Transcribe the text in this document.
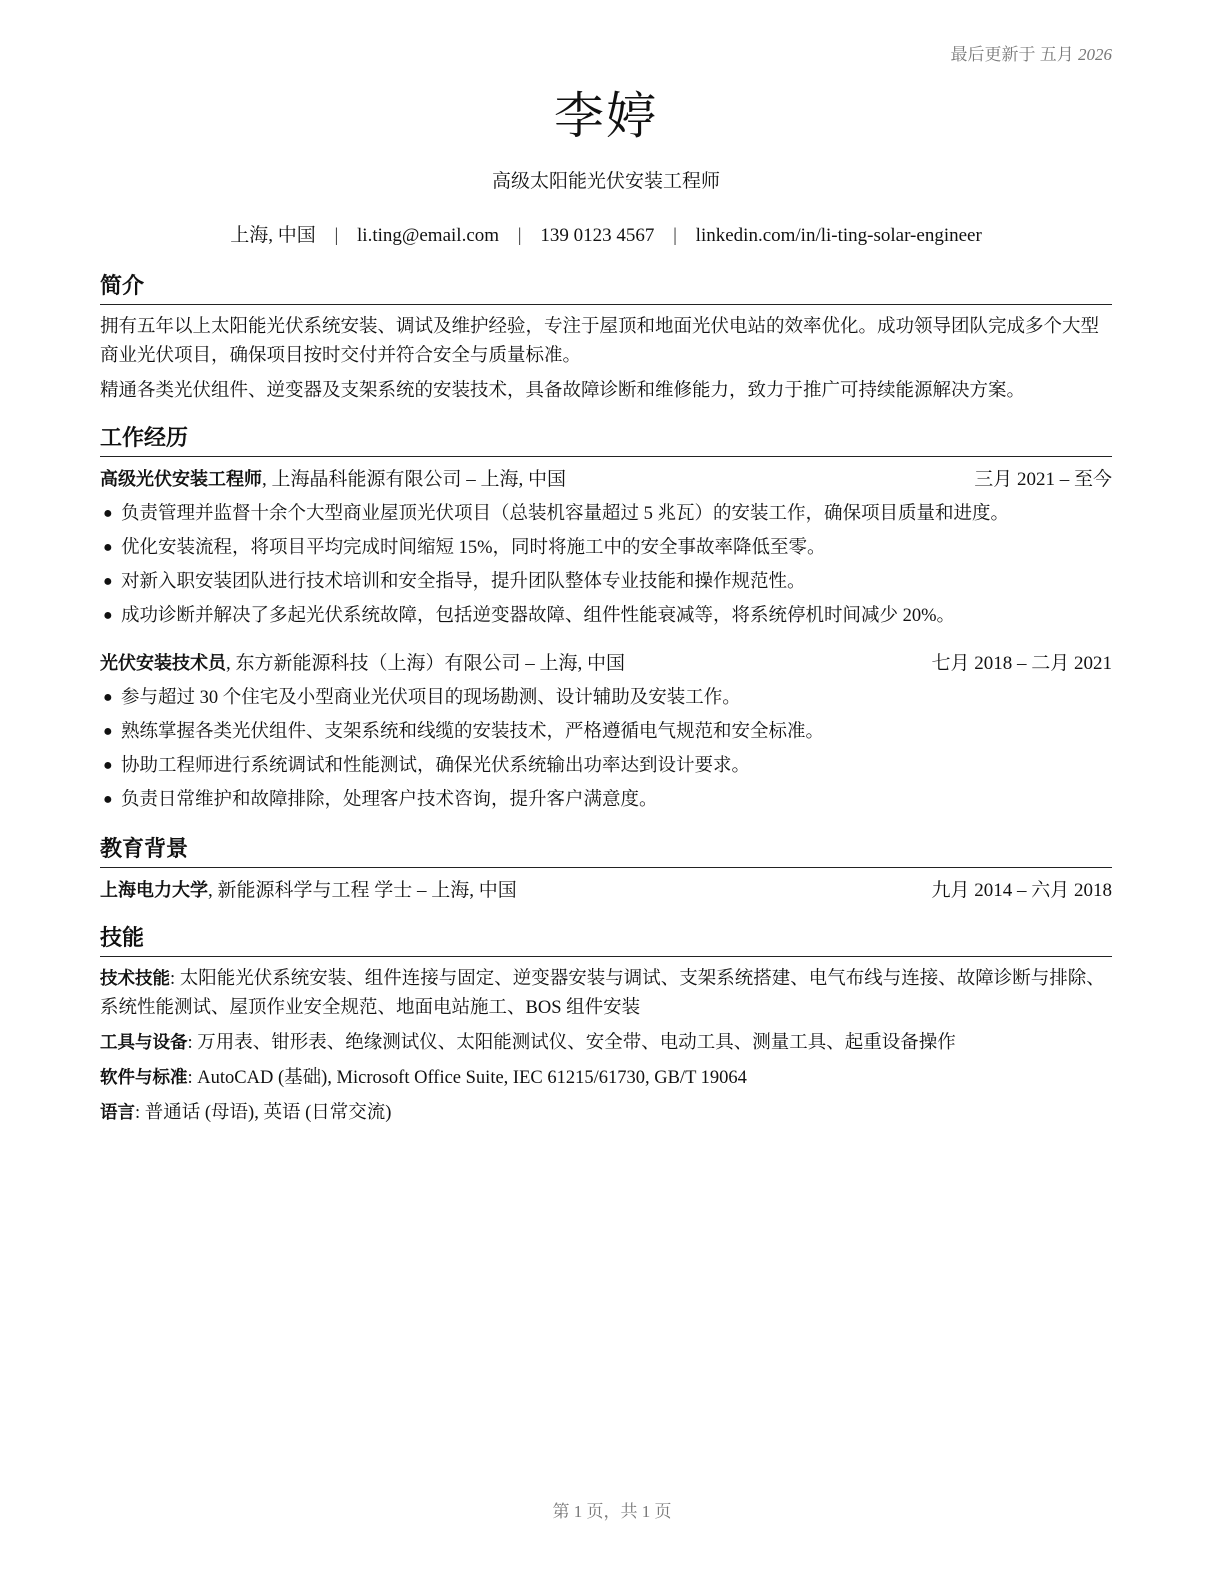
最后更新于 五月 2026
李婷
高级太阳能光伏安装工程师
上海, 中国 | li.ting@email.com | 139 0123 4567 | linkedin.com/in/li-ting-solar-engineer
简介

拥有五年以上太阳能光伏系统安装、调试及维护经验，专注于屋顶和地面光伏电站的效率优化。成功领导团队完成多个大型商业光伏项目，确保项目按时交付并符合安全与质量标准。

精通各类光伏组件、逆变器及支架系统的安装技术，具备故障诊断和维修能力，致力于推广可持续能源解决方案。

工作经历
高级光伏安装工程师, 上海晶科能源有限公司 – 上海, 中国	三月 2021 – 至今
● 负责管理并监督十余个大型商业屋顶光伏项目（总装机容量超过 5 兆瓦）的安装工作，确保项目质量和进度。
● 优化安装流程，将项目平均完成时间缩短 15%，同时将施工中的安全事故率降低至零。
● 对新入职安装团队进行技术培训和安全指导，提升团队整体专业技能和操作规范性。
● 成功诊断并解决了多起光伏系统故障，包括逆变器故障、组件性能衰减等，将系统停机时间减少 20%。
光伏安装技术员, 东方新能源科技（上海）有限公司 – 上海, 中国	七月 2018 – 二月 2021
● 参与超过 30 个住宅及小型商业光伏项目的现场勘测、设计辅助及安装工作。
● 熟练掌握各类光伏组件、支架系统和线缆的安装技术，严格遵循电气规范和安全标准。
● 协助工程师进行系统调试和性能测试，确保光伏系统输出功率达到设计要求。
● 负责日常维护和故障排除，处理客户技术咨询，提升客户满意度。
教育背景
上海电力大学, 新能源科学与工程 学士 – 上海, 中国	九月 2014 – 六月 2018
技能
技术技能: 太阳能光伏系统安装、组件连接与固定、逆变器安装与调试、支架系统搭建、电气布线与连接、故障诊断与排除、系统性能测试、屋顶作业安全规范、地面电站施工、BOS 组件安装
工具与设备: 万用表、钳形表、绝缘测试仪、太阳能测试仪、安全带、电动工具、测量工具、起重设备操作
软件与标准: AutoCAD (基础), Microsoft Office Suite, IEC 61215/61730, GB/T 19064
语言: 普通话 (母语), 英语 (日常交流)
第 1 页，共 1 页
